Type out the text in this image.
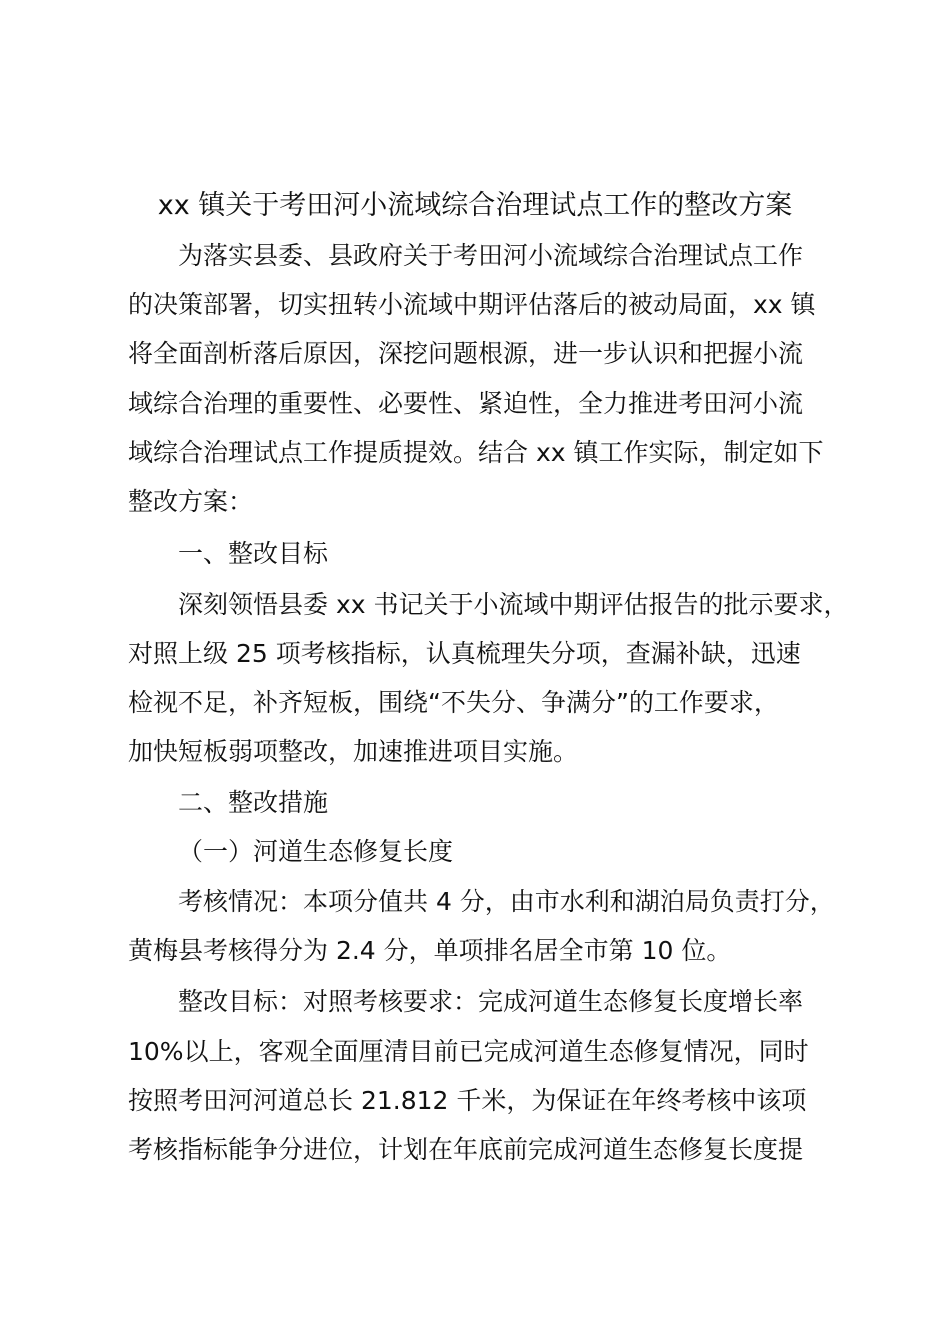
xx 镇关于考田河小流域综合治理试点工作的整改方案
为落实县委、县政府关于考田河小流域综合治理试点工作
的决策部署，切实扭转小流域中期评估落后的被动局面，xx 镇
将全面剖析落后原因，深挖问题根源，进一步认识和把握小流
域综合治理的重要性、必要性、紧迫性，全力推进考田河小流
域综合治理试点工作提质提效。结合 xx 镇工作实际，制定如下
整改方案：
一、整改目标
深刻领悟县委 xx 书记关于小流域中期评估报告的批示要求，
对照上级 25 项考核指标，认真梳理失分项，查漏补缺，迅速
检视不足，补齐短板，围绕“不失分、争满分”的工作要求，
加快短板弱项整改，加速推进项目实施。
二、整改措施
（一）河道生态修复长度
考核情况：本项分值共 4 分，由市水利和湖泊局负责打分，
黄梅县考核得分为 2.4 分，单项排名居全市第 10 位。
整改目标：对照考核要求：完成河道生态修复长度增长率
10%以上，客观全面厘清目前已完成河道生态修复情况，同时
按照考田河河道总长 21.812 千米，为保证在年终考核中该项
考核指标能争分进位，计划在年底前完成河道生态修复长度提
